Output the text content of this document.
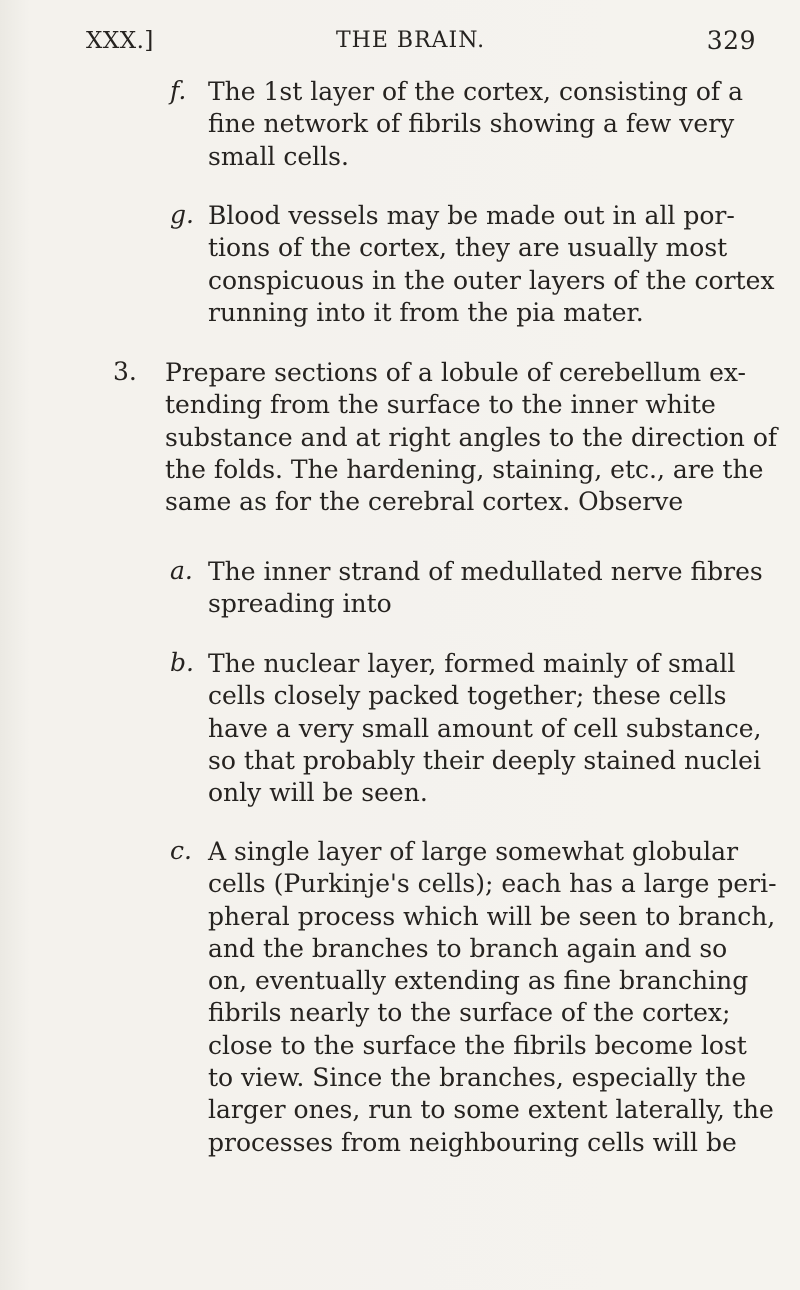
XXX.]	THE BRAIN.	329
f. The 1st layer of the cortex, consisting of a
fine network of fibrils showing a few very
small cells.
g. Blood vessels may be made out in all por-
tions of the cortex, they are usually most
conspicuous in the outer layers of the cortex
running into it from the pia mater.
3. Prepare sections of a lobule of cerebellum ex-
tending from the surface to the inner white
substance and at right angles to the direction of
the folds. The hardening, staining, etc., are the
same as for the cerebral cortex. Observe
a. The inner strand of medullated nerve fibres
spreading into
b. The nuclear layer, formed mainly of small
cells closely packed together; these cells
have a very small amount of cell substance,
so that probably their deeply stained nuclei
only will be seen.
c. A single layer of large somewhat globular
cells (Purkinje's cells); each has a large peri-
pheral process which will be seen to branch,
and the branches to branch again and so
on, eventually extending as fine branching
fibrils nearly to the surface of the cortex;
close to the surface the fibrils become lost
to view. Since the branches, especially the
larger ones, run to some extent laterally, the
processes from neighbouring cells will be
